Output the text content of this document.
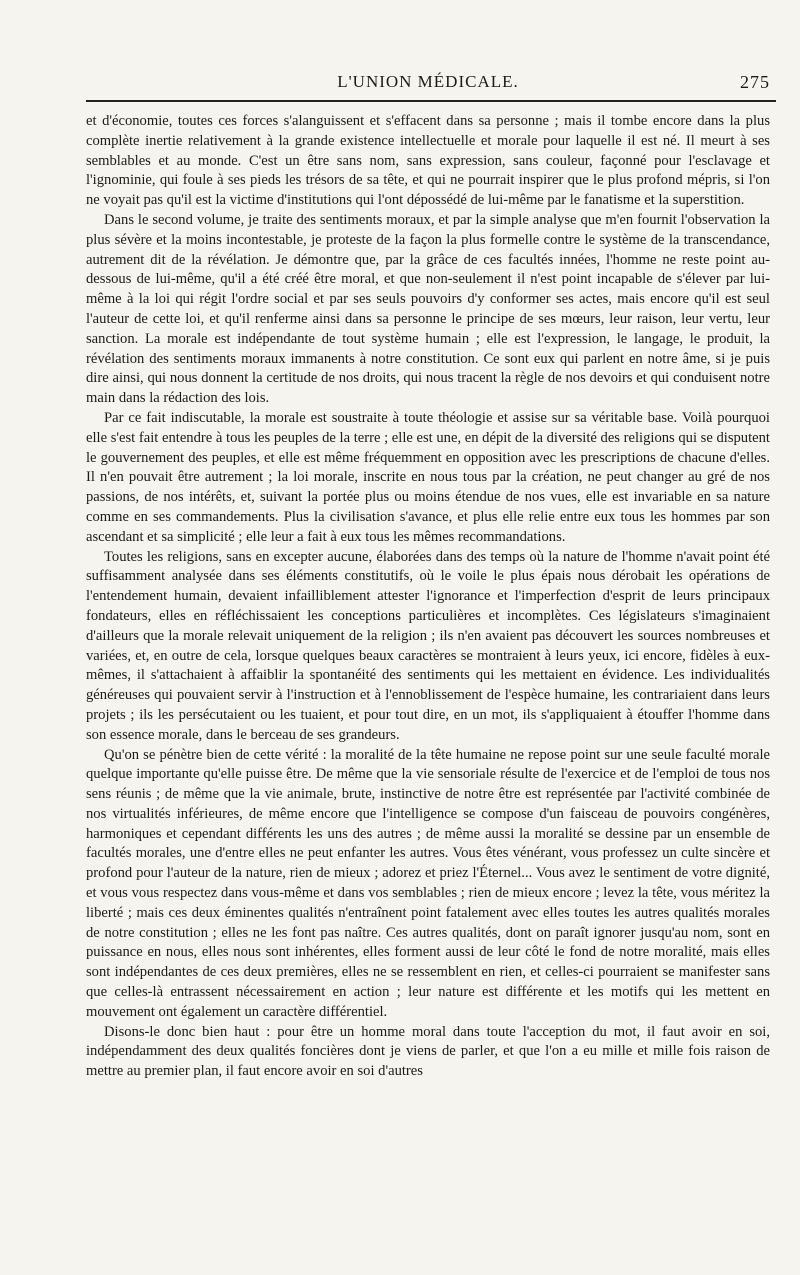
L'UNION MÉDICALE.	275

et d'économie, toutes ces forces s'alanguissent et s'effacent dans sa personne ; mais il tombe encore dans la plus complète inertie relativement à la grande existence intellectuelle et morale pour laquelle il est né. Il meurt à ses semblables et au monde. C'est un être sans nom, sans expression, sans couleur, façonné pour l'esclavage et l'ignominie, qui foule à ses pieds les trésors de sa tête, et qui ne pourrait inspirer que le plus profond mépris, si l'on ne voyait pas qu'il est la victime d'institutions qui l'ont dépossédé de lui-même par le fanatisme et la superstition.

Dans le second volume, je traite des sentiments moraux, et par la simple analyse que m'en fournit l'observation la plus sévère et la moins incontestable, je proteste de la façon la plus formelle contre le système de la transcendance, autrement dit de la révélation. Je démontre que, par la grâce de ces facultés innées, l'homme ne reste point au-dessous de lui-même, qu'il a été créé être moral, et que non-seulement il n'est point incapable de s'élever par lui-même à la loi qui régit l'ordre social et par ses seuls pouvoirs d'y conformer ses actes, mais encore qu'il est seul l'auteur de cette loi, et qu'il renferme ainsi dans sa personne le principe de ses mœurs, leur raison, leur vertu, leur sanction. La morale est indépendante de tout système humain ; elle est l'expression, le langage, le produit, la révélation des sentiments moraux immanents à notre constitution. Ce sont eux qui parlent en notre âme, si je puis dire ainsi, qui nous donnent la certitude de nos droits, qui nous tracent la règle de nos devoirs et qui conduisent notre main dans la rédaction des lois.

Par ce fait indiscutable, la morale est soustraite à toute théologie et assise sur sa véritable base. Voilà pourquoi elle s'est fait entendre à tous les peuples de la terre ; elle est une, en dépit de la diversité des religions qui se disputent le gouvernement des peuples, et elle est même fréquemment en opposition avec les prescriptions de chacune d'elles. Il n'en pouvait être autrement ; la loi morale, inscrite en nous tous par la création, ne peut changer au gré de nos passions, de nos intérêts, et, suivant la portée plus ou moins étendue de nos vues, elle est invariable en sa nature comme en ses commandements. Plus la civilisation s'avance, et plus elle relie entre eux tous les hommes par son ascendant et sa simplicité ; elle leur a fait à eux tous les mêmes recommandations.

Toutes les religions, sans en excepter aucune, élaborées dans des temps où la nature de l'homme n'avait point été suffisamment analysée dans ses éléments constitutifs, où le voile le plus épais nous dérobait les opérations de l'entendement humain, devaient infailliblement attester l'ignorance et l'imperfection d'esprit de leurs principaux fondateurs, elles en réfléchissaient les conceptions particulières et incomplètes. Ces législateurs s'imaginaient d'ailleurs que la morale relevait uniquement de la religion ; ils n'en avaient pas découvert les sources nombreuses et variées, et, en outre de cela, lorsque quelques beaux caractères se montraient à leurs yeux, ici encore, fidèles à eux-mêmes, il s'attachaient à affaiblir la spontanéité des sentiments qui les mettaient en évidence. Les individualités généreuses qui pouvaient servir à l'instruction et à l'ennoblissement de l'espèce humaine, les contrariaient dans leurs projets ; ils les persécutaient ou les tuaient, et pour tout dire, en un mot, ils s'appliquaient à étouffer l'homme dans son essence morale, dans le berceau de ses grandeurs.

Qu'on se pénètre bien de cette vérité : la moralité de la tête humaine ne repose point sur une seule faculté morale quelque importante qu'elle puisse être. De même que la vie sensoriale résulte de l'exercice et de l'emploi de tous nos sens réunis ; de même que la vie animale, brute, instinctive de notre être est représentée par l'activité combinée de nos virtualités inférieures, de même encore que l'intelligence se compose d'un faisceau de pouvoirs congénères, harmoniques et cependant différents les uns des autres ; de même aussi la moralité se dessine par un ensemble de facultés morales, une d'entre elles ne peut enfanter les autres. Vous êtes vénérant, vous professez un culte sincère et profond pour l'auteur de la nature, rien de mieux ; adorez et priez l'Éternel... Vous avez le sentiment de votre dignité, et vous vous respectez dans vous-même et dans vos semblables ; rien de mieux encore ; levez la tête, vous méritez la liberté ; mais ces deux éminentes qualités n'entraînent point fatalement avec elles toutes les autres qualités morales de notre constitution ; elles ne les font pas naître. Ces autres qualités, dont on paraît ignorer jusqu'au nom, sont en puissance en nous, elles nous sont inhérentes, elles forment aussi de leur côté le fond de notre moralité, mais elles sont indépendantes de ces deux premières, elles ne se ressemblent en rien, et celles-ci pourraient se manifester sans que celles-là entrassent nécessairement en action ; leur nature est différente et les motifs qui les mettent en mouvement ont également un caractère différentiel.

Disons-le donc bien haut : pour être un homme moral dans toute l'acception du mot, il faut avoir en soi, indépendamment des deux qualités foncières dont je viens de parler, et que l'on a eu mille et mille fois raison de mettre au premier plan, il faut encore avoir en soi d'autres
